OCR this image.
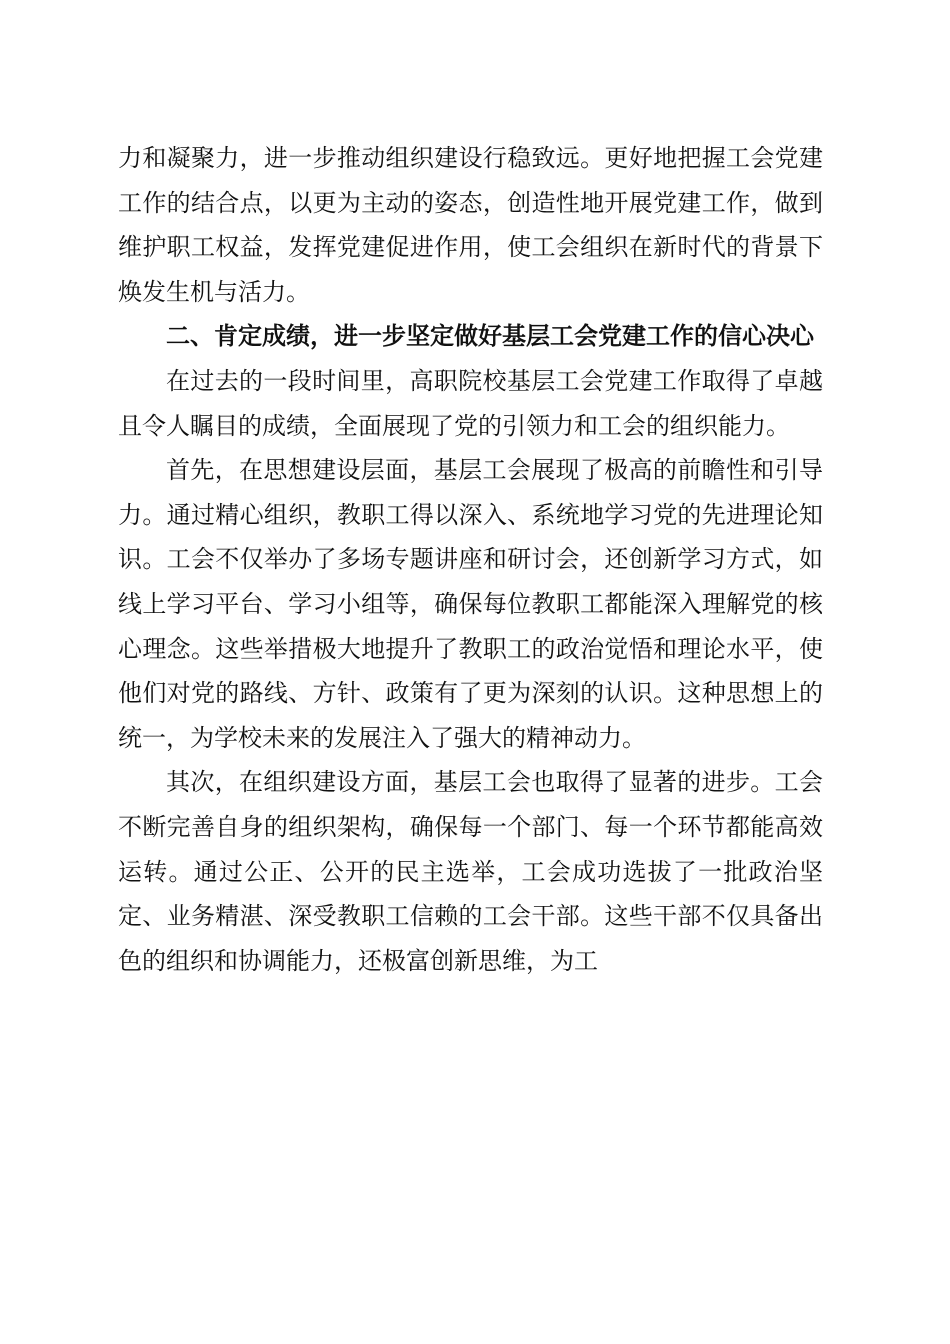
力和凝聚力，进一步推动组织建设行稳致远。更好地把握工会党建工作的结合点，以更为主动的姿态，创造性地开展党建工作，做到维护职工权益，发挥党建促进作用，使工会组织在新时代的背景下焕发生机与活力。

二、肯定成绩，进一步坚定做好基层工会党建工作的信心决心

在过去的一段时间里，高职院校基层工会党建工作取得了卓越且令人瞩目的成绩，全面展现了党的引领力和工会的组织能力。

首先，在思想建设层面，基层工会展现了极高的前瞻性和引导力。通过精心组织，教职工得以深入、系统地学习党的先进理论知识。工会不仅举办了多场专题讲座和研讨会，还创新学习方式，如线上学习平台、学习小组等，确保每位教职工都能深入理解党的核心理念。这些举措极大地提升了教职工的政治觉悟和理论水平，使他们对党的路线、方针、政策有了更为深刻的认识。这种思想上的统一，为学校未来的发展注入了强大的精神动力。

其次，在组织建设方面，基层工会也取得了显著的进步。工会不断完善自身的组织架构，确保每一个部门、每一个环节都能高效运转。通过公正、公开的民主选举，工会成功选拔了一批政治坚定、业务精湛、深受教职工信赖的工会干部。这些干部不仅具备出色的组织和协调能力，还极富创新思维，为工
